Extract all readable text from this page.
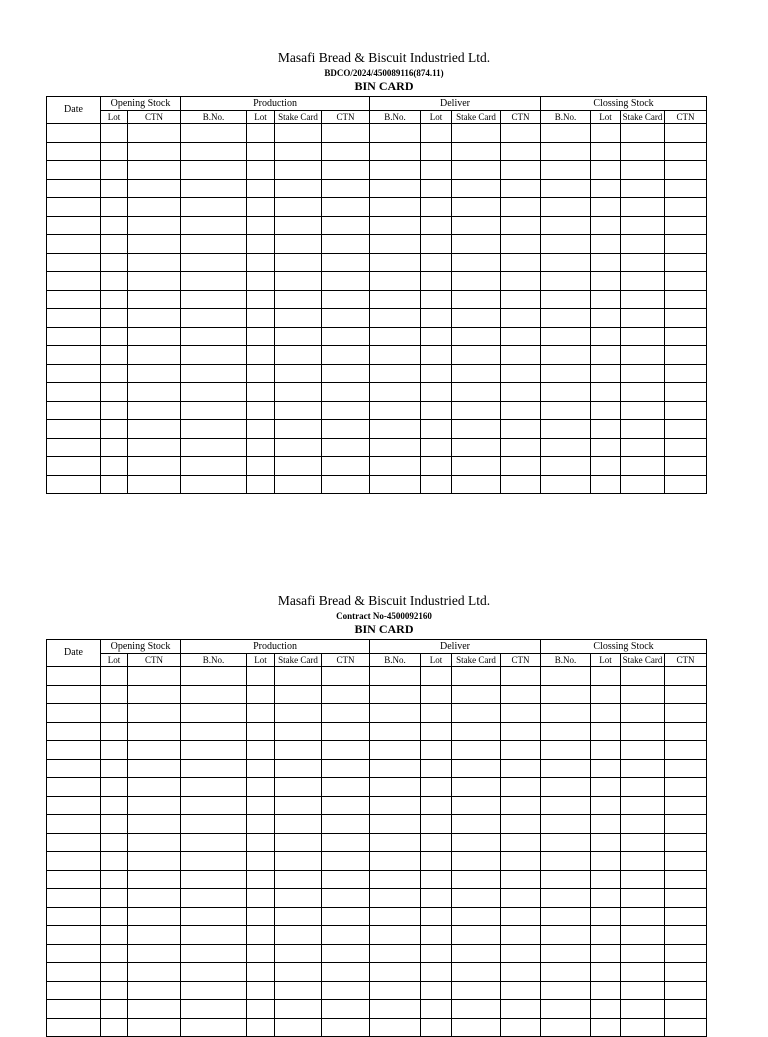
Masafi Bread & Biscuit Industried Ltd.
BDCO/2024/450089116(874.11)
BIN CARD
Date	Opening Stock		Production				Deliver				Clossing Stock			
	Lot	CTN	B.No.	Lot	Stake Card	CTN	B.No.	Lot	Stake Card	CTN	B.No.	Lot	Stake Card	CTN

Masafi Bread & Biscuit Industried Ltd.
Contract No-4500092160
BIN CARD
Date	Opening Stock		Production				Deliver				Clossing Stock			
	Lot	CTN	B.No.	Lot	Stake Card	CTN	B.No.	Lot	Stake Card	CTN	B.No.	Lot	Stake Card	CTN
